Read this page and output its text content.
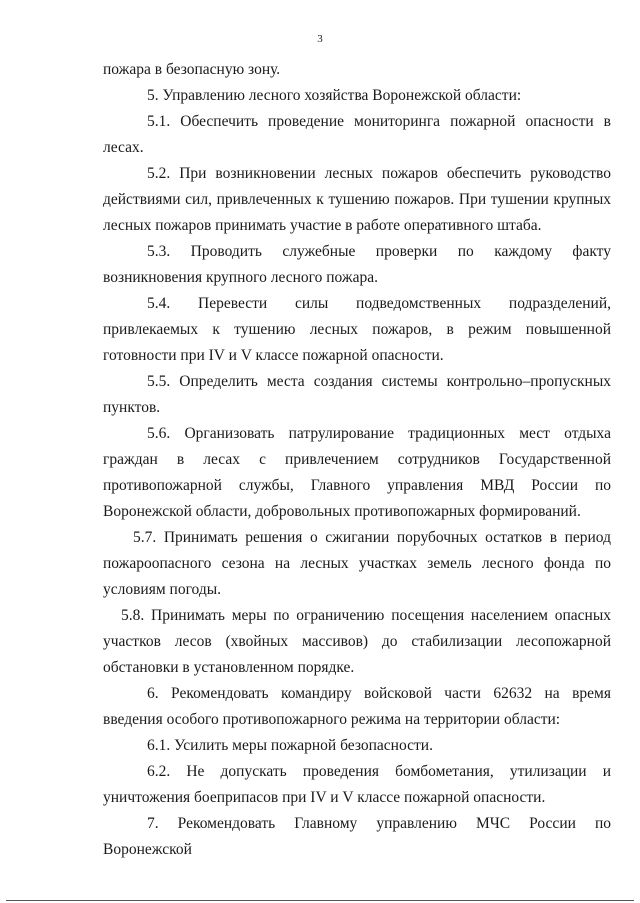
3

пожара в безопасную зону.

5. Управлению лесного хозяйства Воронежской области:

5.1. Обеспечить проведение мониторинга пожарной опасности в лесах.

5.2. При возникновении лесных пожаров обеспечить руководство действиями сил, привлеченных к тушению пожаров. При тушении крупных лесных пожаров принимать участие в работе оперативного штаба.

5.3. Проводить служебные проверки по каждому факту возникновения крупного лесного пожара.

5.4. Перевести силы подведомственных подразделений, привлекаемых к тушению лесных пожаров, в режим повышенной готовности при IV и V классе пожарной опасности.

5.5. Определить места создания системы контрольно–пропускных пунктов.

5.6. Организовать патрулирование традиционных мест отдыха граждан в лесах с привлечением сотрудников Государственной противопожарной службы, Главного управления МВД России по Воронежской области, добровольных противопожарных формирований.

5.7. Принимать решения о сжигании порубочных остатков в период пожароопасного сезона на лесных участках земель лесного фонда по условиям погоды.

5.8. Принимать меры по ограничению посещения населением опасных участков лесов (хвойных массивов) до стабилизации лесопожарной обстановки в установленном порядке.

6. Рекомендовать командиру войсковой части 62632 на время введения особого противопожарного режима на территории области:

6.1. Усилить меры пожарной безопасности.

6.2. Не допускать проведения бомбометания, утилизации и уничтожения боеприпасов при IV и V классе пожарной опасности.

7. Рекомендовать Главному управлению МЧС России по Воронежской
